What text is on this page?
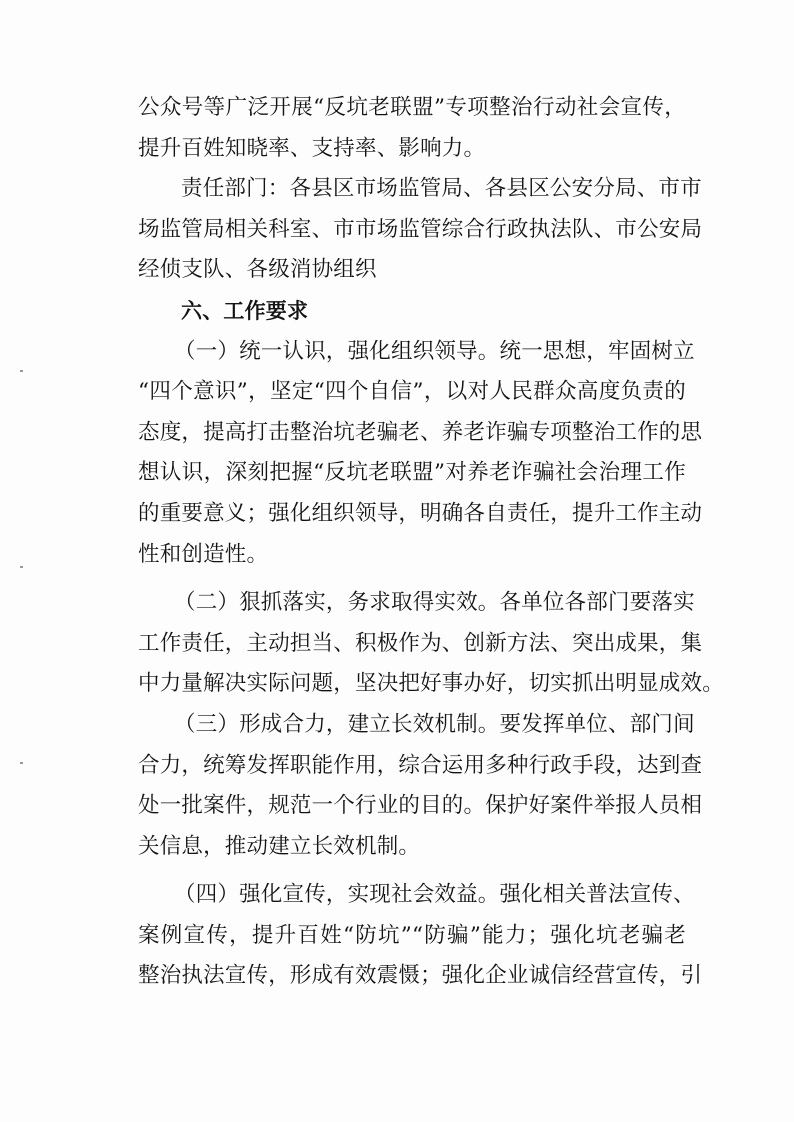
公众号等广泛开展“反坑老联盟”专项整治行动社会宣传，
提升百姓知晓率、支持率、影响力。
责任部门：各县区市场监管局、各县区公安分局、市市
场监管局相关科室、市市场监管综合行政执法队、市公安局
经侦支队、各级消协组织
六、工作要求
（一）统一认识，强化组织领导。统一思想，牢固树立
“四个意识”，坚定“四个自信”，以对人民群众高度负责的
态度，提高打击整治坑老骗老、养老诈骗专项整治工作的思
想认识，深刻把握“反坑老联盟”对养老诈骗社会治理工作
的重要意义；强化组织领导，明确各自责任，提升工作主动
性和创造性。
（二）狠抓落实，务求取得实效。各单位各部门要落实
工作责任，主动担当、积极作为、创新方法、突出成果，集
中力量解决实际问题，坚决把好事办好，切实抓出明显成效。
（三）形成合力，建立长效机制。要发挥单位、部门间
合力，统筹发挥职能作用，综合运用多种行政手段，达到查
处一批案件，规范一个行业的目的。保护好案件举报人员相
关信息，推动建立长效机制。
（四）强化宣传，实现社会效益。强化相关普法宣传、
案例宣传，提升百姓“防坑”“防骗”能力；强化坑老骗老
整治执法宣传，形成有效震慑；强化企业诚信经营宣传，引
